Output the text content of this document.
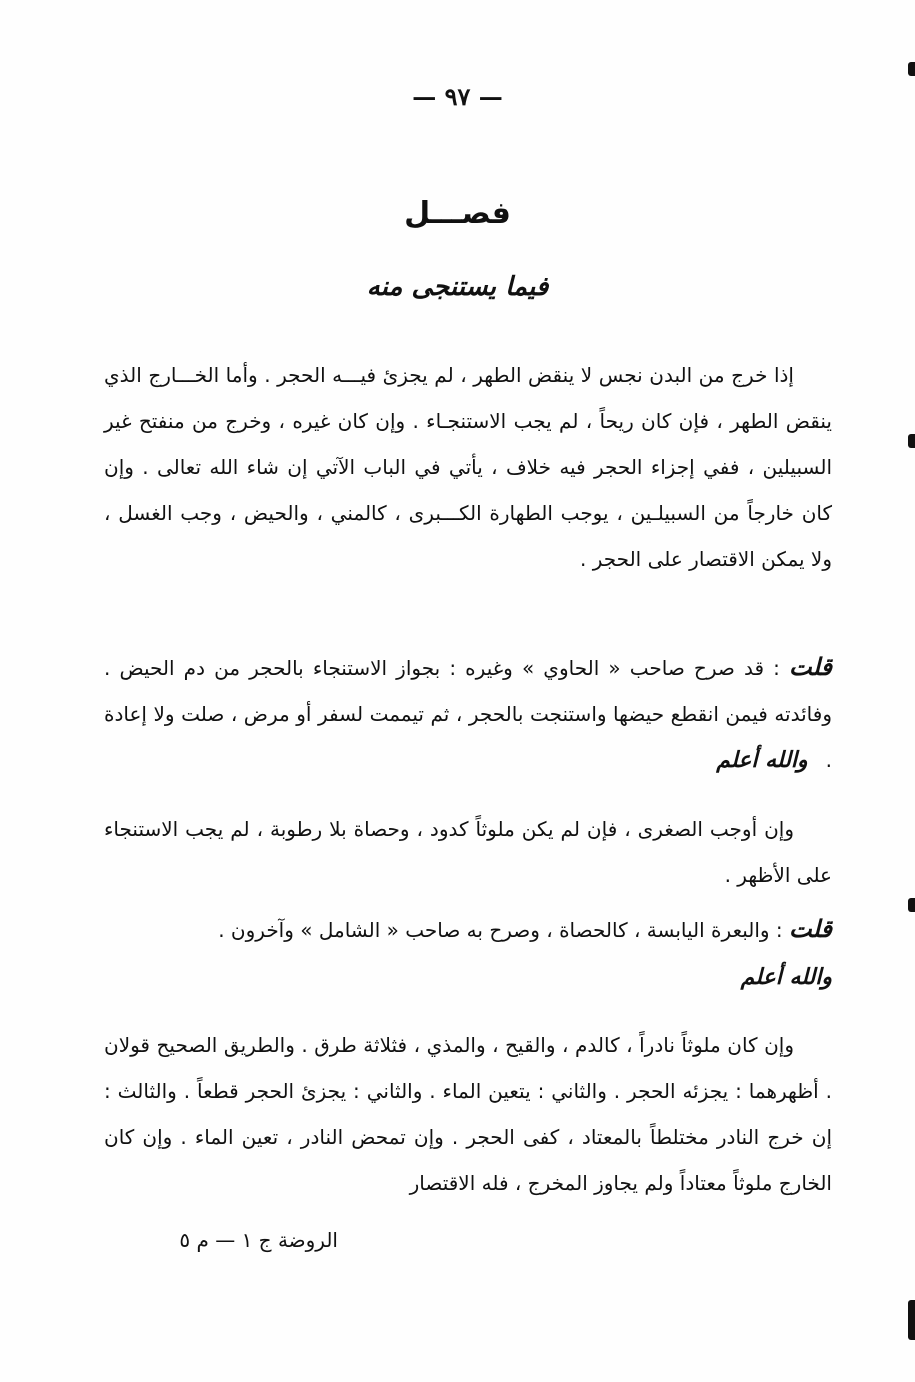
— ٩٧ —
فصـــل
فيما يستنجى منه

إذا خرج من البدن نجس لا ينقض الطهر ، لم يجزئ فيـــه الحجر . وأما الخـــارج الذي ينقض الطهر ، فإن كان ريحاً ، لم يجب الاستنجـاء . وإن كان غيره ، وخرج من منفتح غير السبيلين ، ففي إجزاء الحجر فيه خلاف ، يأتي في الباب الآتي إن شاء الله تعالى . وإن كان خارجاً من السبيلـين ، يوجب الطهارة الكـــبرى ، كالمني ، والحيض ، وجب الغسل ، ولا يمكن الاقتصار على الحجر .

قلت : قد صرح صاحب « الحاوي » وغيره : بجواز الاستنجاء بالحجر من دم الحيض . وفائدته فيمن انقطع حيضها واستنجت بالحجر ، ثم تيممت لسفر أو مرض ، صلت ولا إعادة .والله أعلم

وإن أوجب الصغرى ، فإن لم يكن ملوثاً كدود ، وحصاة بلا رطوبة ، لم يجب الاستنجاء على الأظهر .

قلت : والبعرة اليابسة ، كالحصاة ، وصرح به صاحب « الشامل » وآخرون .

والله أعلم

وإن كان ملوثاً نادراً ، كالدم ، والقيح ، والمذي ، فثلاثة طرق . والطريق الصحيح قولان . أظهرهما : يجزئه الحجر . والثاني : يتعين الماء . والثاني : يجزئ الحجر قطعاً . والثالث : إن خرج النادر مختلطاً بالمعتاد ، كفى الحجر . وإن تمحض النادر ، تعين الماء . وإن كان الخارج ملوثاً معتاداً ولم يجاوز المخرج ، فله الاقتصار

الروضة ج ١ — م ٥
